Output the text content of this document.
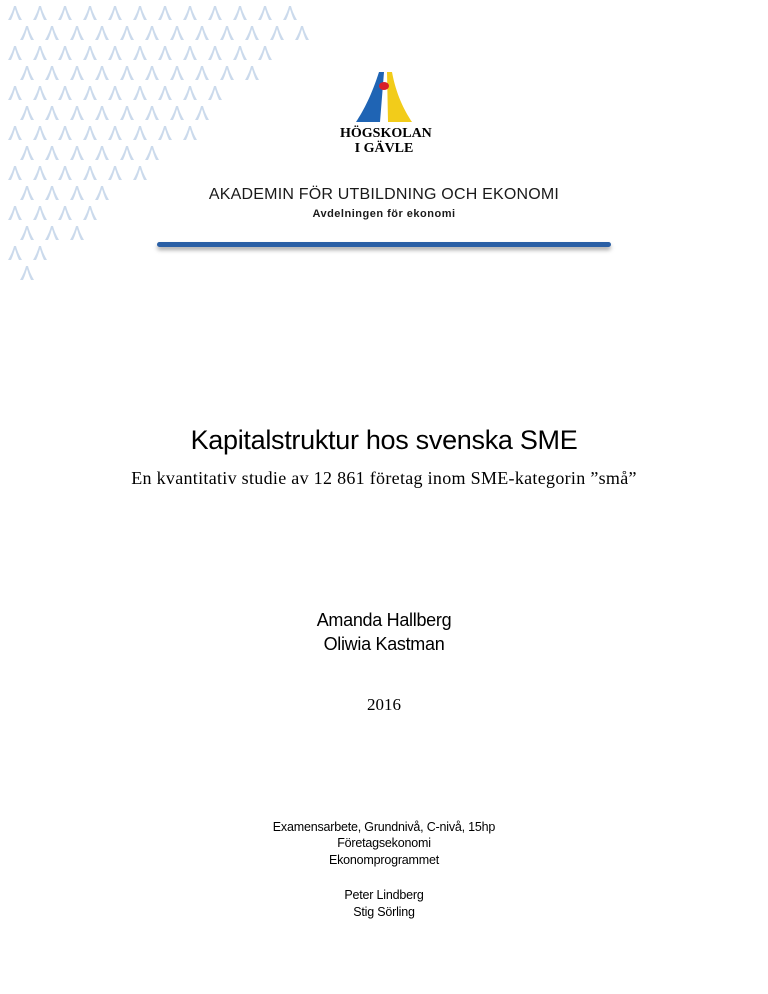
HÖGSKOLAN
I GÄVLE
AKADEMIN FÖR UTBILDNING OCH EKONOMI
Avdelningen för ekonomi
Kapitalstruktur hos svenska SME
En kvantitativ studie av 12 861 företag inom SME-kategorin ”små”
Amanda Hallberg
Oliwia Kastman
2016
Examensarbete, Grundnivå, C-nivå, 15hp
Företagsekonomi
Ekonomprogrammet
Peter Lindberg
Stig Sörling
